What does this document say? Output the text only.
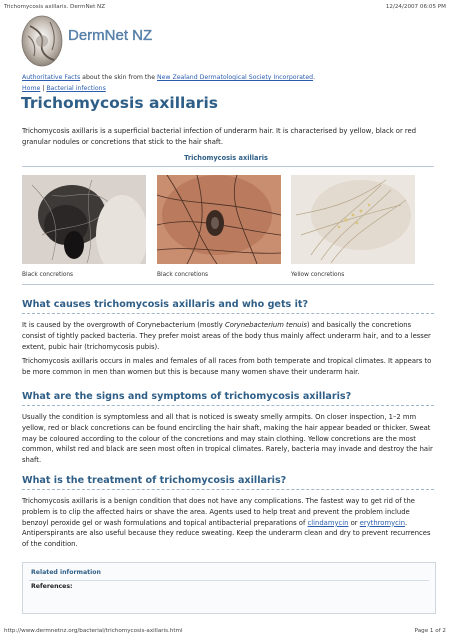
Trichomycosis axillaris. DermNet NZ	12/24/2007 06:05 PM
DermNet NZ
Authoritative Facts about the skin from the New Zealand Dermatological Society Incorporated.
Home | Bacterial infections
Trichomycosis axillaris
Trichomycosis axillaris is a superficial bacterial infection of underarm hair. It is characterised by yellow, black or red granular nodules or concretions that stick to the hair shaft.
Trichomycosis axillaris
Black concretions	Black concretions	Yellow concretions
What causes trichomycosis axillaris and who gets it?
It is caused by the overgrowth of Corynebacterium (mostly Corynebacterium tenuis) and basically the concretions consist of tightly packed bacteria. They prefer moist areas of the body thus mainly affect underarm hair, and to a lesser extent, pubic hair (trichomycosis pubis).
Trichomycosis axillaris occurs in males and females of all races from both temperate and tropical climates. It appears to be more common in men than women but this is because many women shave their underarm hair.
What are the signs and symptoms of trichomycosis axillaris?
Usually the condition is symptomless and all that is noticed is sweaty smelly armpits. On closer inspection, 1–2 mm yellow, red or black concretions can be found encircling the hair shaft, making the hair appear beaded or thicker. Sweat may be coloured according to the colour of the concretions and may stain clothing. Yellow concretions are the most common, whilst red and black are seen most often in tropical climates. Rarely, bacteria may invade and destroy the hair shaft.
What is the treatment of trichomycosis axillaris?
Trichomycosis axillaris is a benign condition that does not have any complications. The fastest way to get rid of the problem is to clip the affected hairs or shave the area. Agents used to help treat and prevent the problem include benzoyl peroxide gel or wash formulations and topical antibacterial preparations of clindamycin or erythromycin. Antiperspirants are also useful because they reduce sweating. Keep the underarm clean and dry to prevent recurrences of the condition.
Related information
References:
http://www.dermnetnz.org/bacterial/trichomycosis-axillaris.html	Page 1 of 2
